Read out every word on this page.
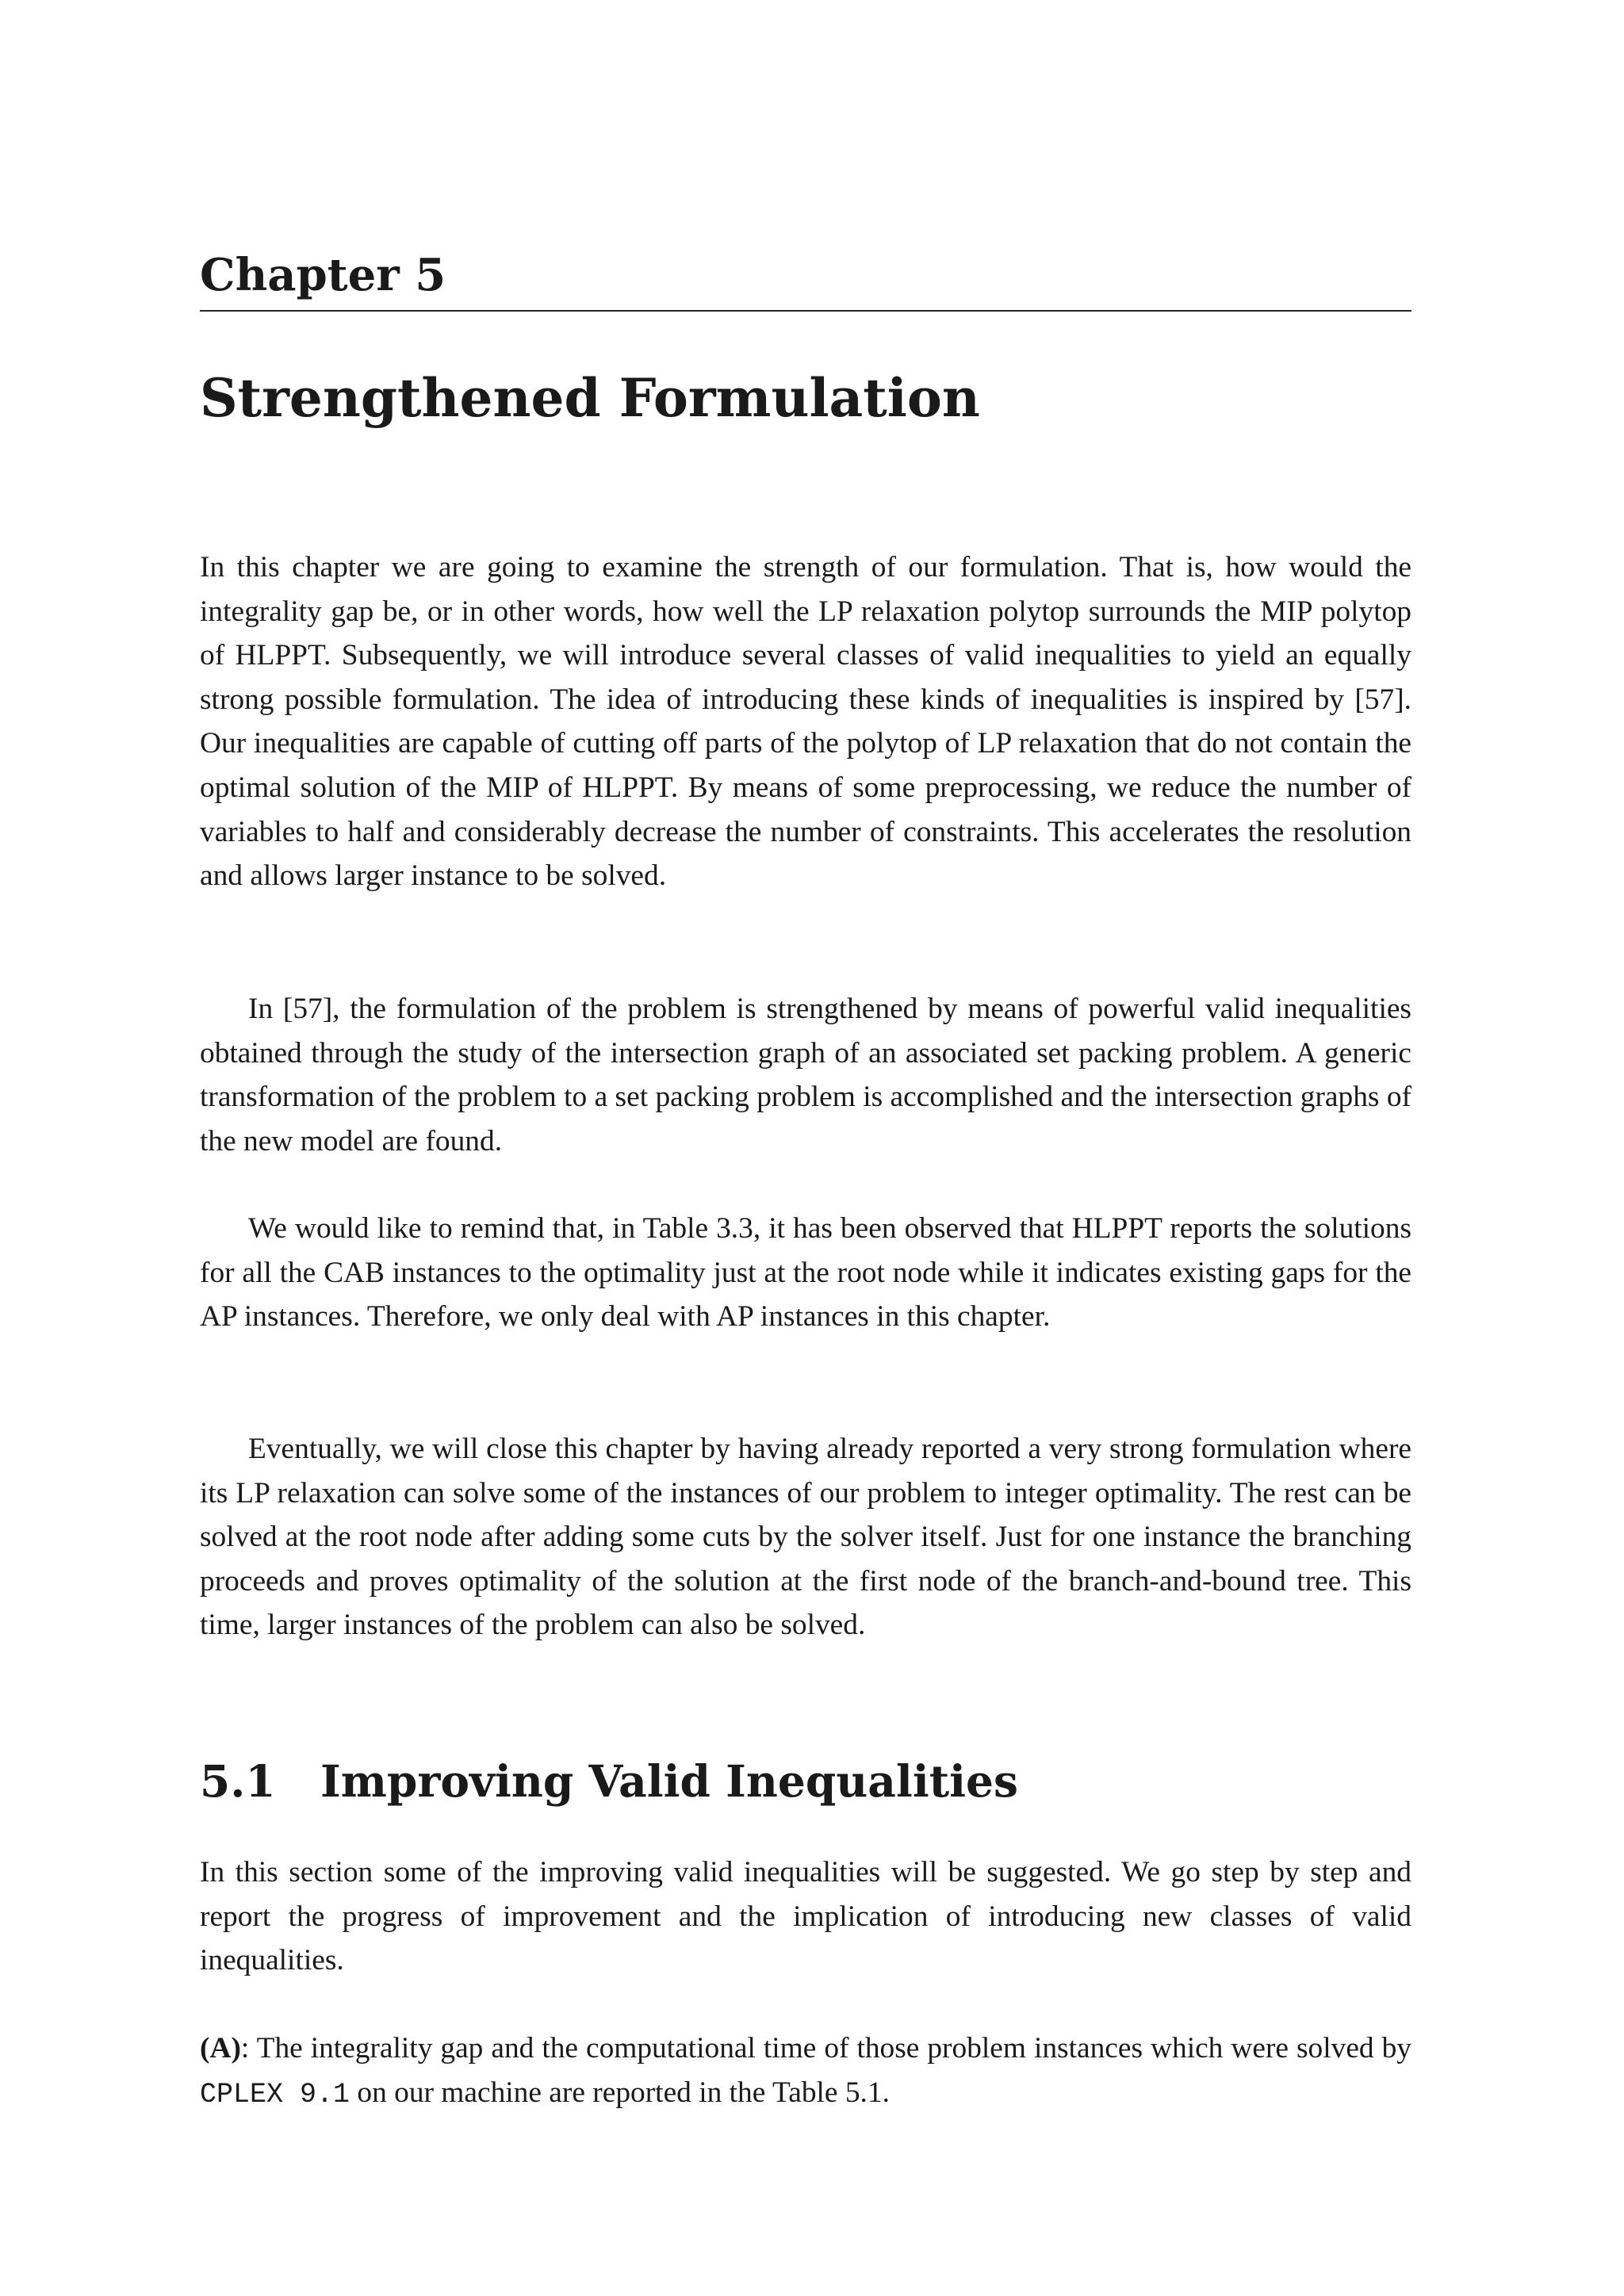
Chapter 5
Strengthened Formulation

In this chapter we are going to examine the strength of our formulation. That is, how would the integrality gap be, or in other words, how well the LP relaxation polytop surrounds the MIP polytop of HLPPT. Subsequently, we will introduce several classes of valid inequalities to yield an equally strong possible formulation. The idea of introducing these kinds of inequalities is inspired by [57]. Our inequalities are capable of cutting off parts of the polytop of LP relaxation that do not contain the optimal solution of the MIP of HLPPT. By means of some preprocessing, we reduce the number of variables to half and considerably decrease the number of constraints. This accelerates the resolution and allows larger instance to be solved.

In [57], the formulation of the problem is strengthened by means of powerful valid inequalities obtained through the study of the intersection graph of an associated set packing problem. A generic transformation of the problem to a set packing problem is accomplished and the intersection graphs of the new model are found.

We would like to remind that, in Table 3.3, it has been observed that HLPPT reports the solutions for all the CAB instances to the optimality just at the root node while it indicates existing gaps for the AP instances. Therefore, we only deal with AP instances in this chapter.

Eventually, we will close this chapter by having already reported a very strong formulation where its LP relaxation can solve some of the instances of our problem to integer optimality. The rest can be solved at the root node after adding some cuts by the solver itself. Just for one instance the branching proceeds and proves optimality of the solution at the first node of the branch-and-bound tree. This time, larger instances of the problem can also be solved.

5.1 Improving Valid Inequalities

In this section some of the improving valid inequalities will be suggested. We go step by step and report the progress of improvement and the implication of introducing new classes of valid inequalities.

(A): The integrality gap and the computational time of those problem instances which were solved by CPLEX 9.1 on our machine are reported in the Table 5.1.
